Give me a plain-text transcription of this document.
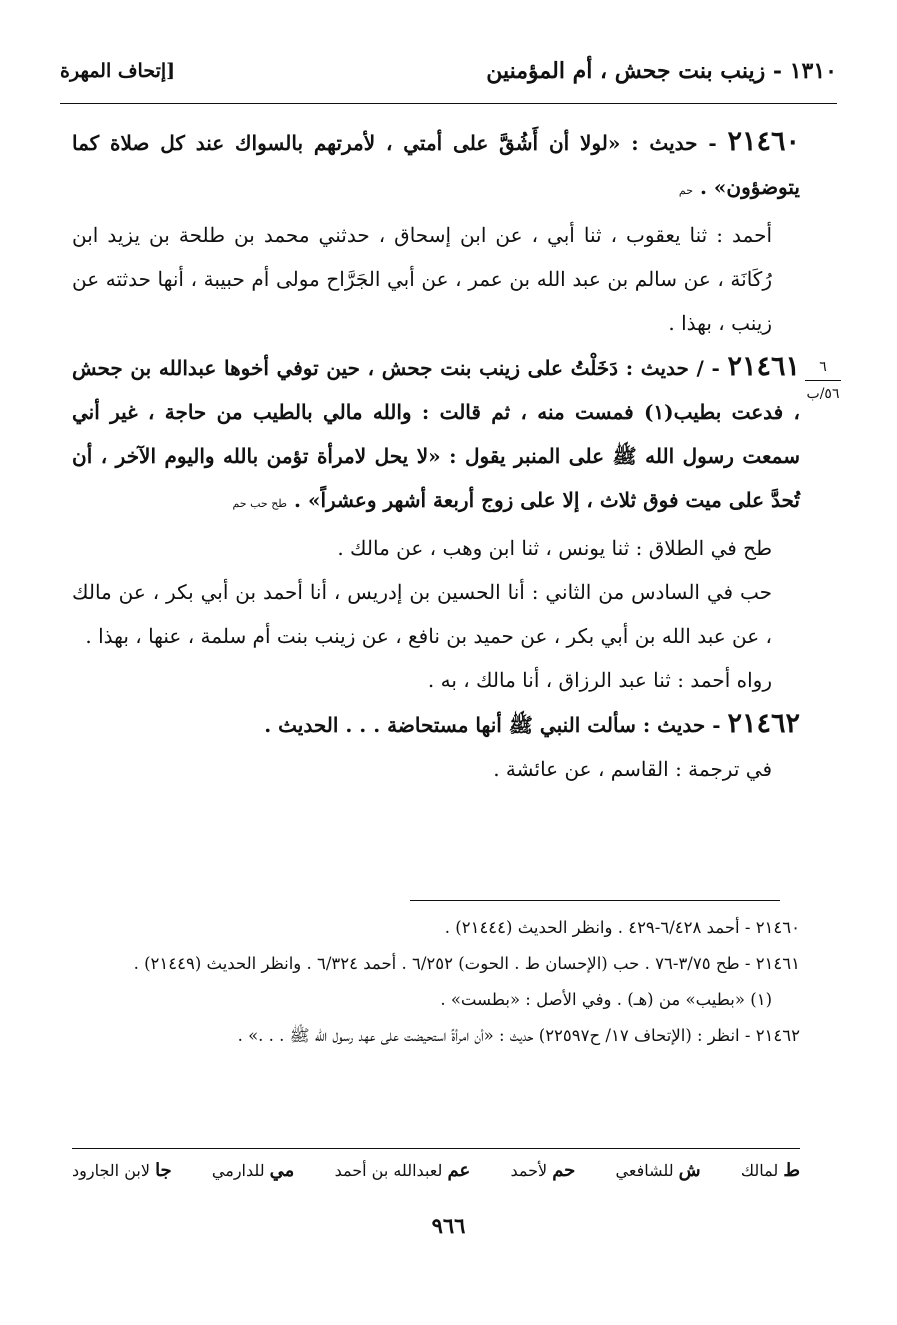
١٣١٠ - زينب بنت جحش ، أم المؤمنين
[إتحاف المهرة
٦
٥٦/ب

٢١٤٦٠ - حديث : «لولا أن أَشُقَّ على أمتي ، لأمرتهم بالسواك عند كل صلاة كما يتوضؤون» . حم

أحمد : ثنا يعقوب ، ثنا أبي ، عن ابن إسحاق ، حدثني محمد بن طلحة بن يزيد ابن رُكَانَة ، عن سالم بن عبد الله بن عمر ، عن أبي الجَرَّاح مولى أم حبيبة ، أنها حدثته عن زينب ، بهذا .

٢١٤٦١ - / حديث : دَخَلْتُ على زينب بنت جحش ، حين توفي أخوها عبدالله بن جحش ، فدعت بطيب(١) فمست منه ، ثم قالت : والله مالي بالطيب من حاجة ، غير أني سمعت رسول الله ﷺ على المنبر يقول : «لا يحل لامرأة تؤمن بالله واليوم الآخر ، أن تُحدَّ على ميت فوق ثلاث ، إلا على زوج أربعة أشهر وعشراً» . طح حب حم

طح في الطلاق : ثنا يونس ، ثنا ابن وهب ، عن مالك .

حب في السادس من الثاني : أنا الحسين بن إدريس ، أنا أحمد بن أبي بكر ، عن مالك ، عن عبد الله بن أبي بكر ، عن حميد بن نافع ، عن زينب بنت أم سلمة ، عنها ، بهذا .

رواه أحمد : ثنا عبد الرزاق ، أنا مالك ، به .

٢١٤٦٢ - حديث : سألت النبي ﷺ أنها مستحاضة . . . الحديث .

في ترجمة : القاسم ، عن عائشة .

٢١٤٦٠ - أحمد ٦/٤٢٨-٤٢٩ . وانظر الحديث (٢١٤٤٤) .

٢١٤٦١ - طح ٣/٧٥-٧٦ . حب (الإحسان ط . الحوت) ٦/٢٥٢ . أحمد ٦/٣٢٤ . وانظر الحديث (٢١٤٤٩) .

(١) «بطيب» من (هـ) . وفي الأصل : «بطست» .

٢١٤٦٢ - انظر : (الإتحاف ١٧/ ح٢٢٥٩٧) حديث : «أن امرأةً استحيضت على عهد رسول الله ﷺ . . .» .

ط لمالك
ش للشافعي
حم لأحمد
عم لعبدالله بن أحمد
مي للدارمي
جا لابن الجارود
٩٦٦
